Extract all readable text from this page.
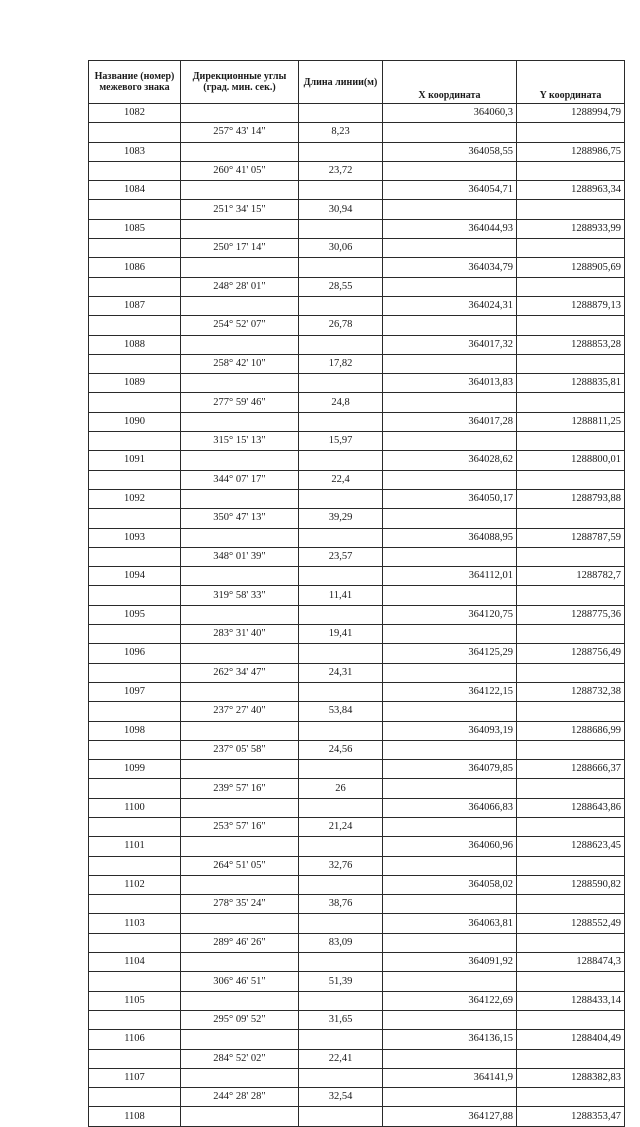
Название (номер) межевого знака	Дирекционные углы (град. мин. сек.)	Длина линии(м)	X координата	Y координата
1082			364060,3	1288994,79
	257° 43' 14"	8,23		
1083			364058,55	1288986,75
	260° 41' 05"	23,72		
1084			364054,71	1288963,34
	251° 34' 15"	30,94		
1085			364044,93	1288933,99
	250° 17' 14"	30,06		
1086			364034,79	1288905,69
	248° 28' 01"	28,55		
1087			364024,31	1288879,13
	254° 52' 07"	26,78		
1088			364017,32	1288853,28
	258° 42' 10"	17,82		
1089			364013,83	1288835,81
	277° 59' 46"	24,8		
1090			364017,28	1288811,25
	315° 15' 13"	15,97		
1091			364028,62	1288800,01
	344° 07' 17"	22,4		
1092			364050,17	1288793,88
	350° 47' 13"	39,29		
1093			364088,95	1288787,59
	348° 01' 39"	23,57		
1094			364112,01	1288782,7
	319° 58' 33"	11,41		
1095			364120,75	1288775,36
	283° 31' 40"	19,41		
1096			364125,29	1288756,49
	262° 34' 47"	24,31		
1097			364122,15	1288732,38
	237° 27' 40"	53,84		
1098			364093,19	1288686,99
	237° 05' 58"	24,56		
1099			364079,85	1288666,37
	239° 57' 16"	26		
1100			364066,83	1288643,86
	253° 57' 16"	21,24		
1101			364060,96	1288623,45
	264° 51' 05"	32,76		
1102			364058,02	1288590,82
	278° 35' 24"	38,76		
1103			364063,81	1288552,49
	289° 46' 26"	83,09		
1104			364091,92	1288474,3
	306° 46' 51"	51,39		
1105			364122,69	1288433,14
	295° 09' 52"	31,65		
1106			364136,15	1288404,49
	284° 52' 02"	22,41		
1107			364141,9	1288382,83
	244° 28' 28"	32,54		
1108			364127,88	1288353,47
